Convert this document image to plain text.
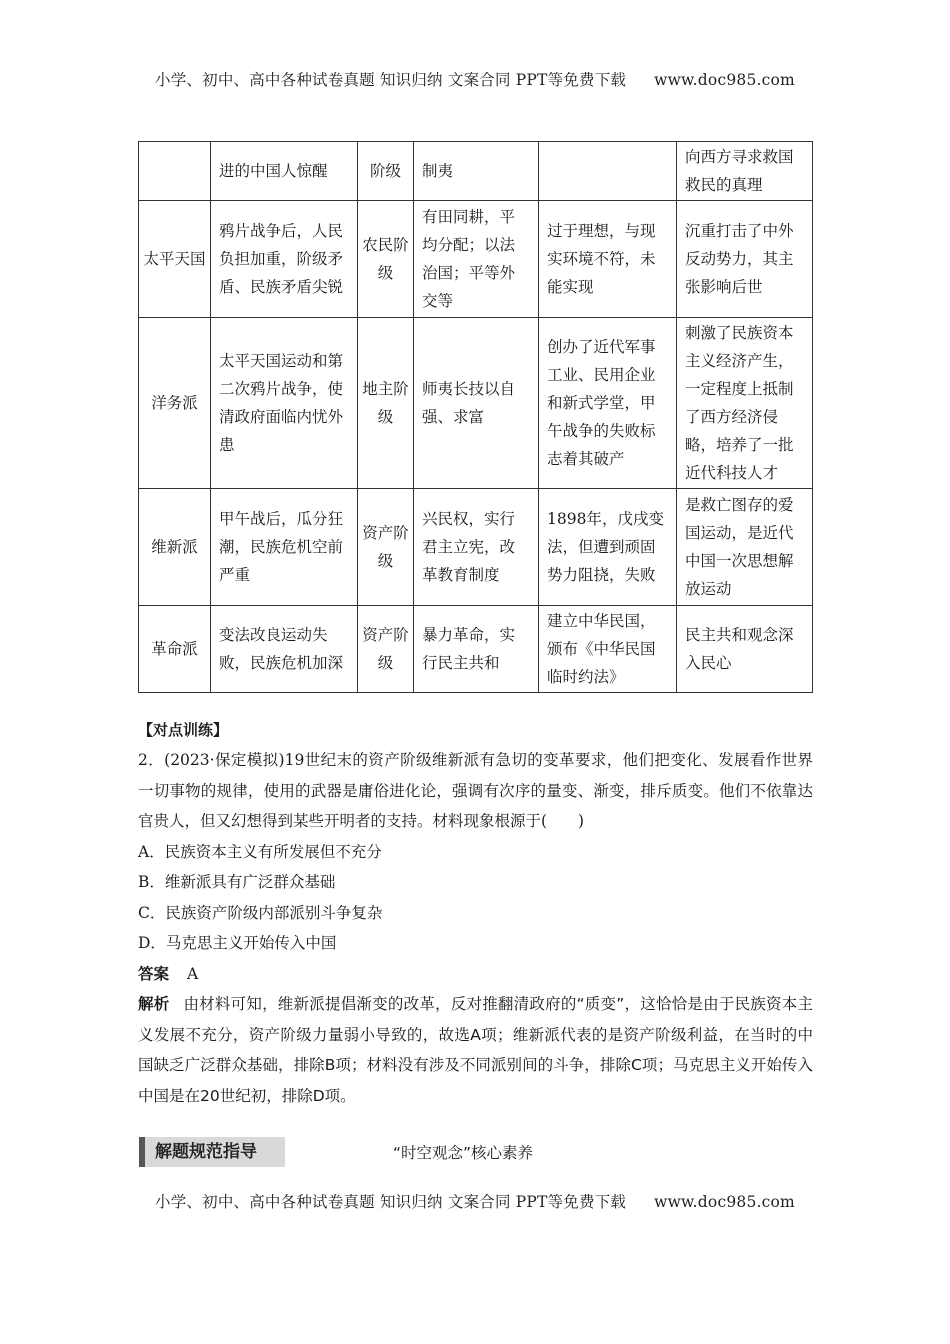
小学、初中、高中各种试卷真题 知识归纳 文案合同 PPT等免费下载 www.doc985.com
	进的中国人惊醒	阶级	制夷		向西方寻求救国救民的真理
太平天国	鸦片战争后，人民负担加重，阶级矛盾、民族矛盾尖锐	农民阶级	有田同耕，平均分配；以法治国；平等外交等	过于理想，与现实环境不符，未能实现	沉重打击了中外反动势力，其主张影响后世
洋务派	太平天国运动和第二次鸦片战争，使清政府面临内忧外患	地主阶级	师夷长技以自强、求富	创办了近代军事工业、民用企业和新式学堂，甲午战争的失败标志着其破产	刺激了民族资本主义经济产生，一定程度上抵制了西方经济侵略，培养了一批近代科技人才
维新派	甲午战后，瓜分狂潮，民族危机空前严重	资产阶级	兴民权，实行君主立宪，改革教育制度	1898年，戊戌变法，但遭到顽固势力阻挠，失败	是救亡图存的爱国运动，是近代中国一次思想解放运动
革命派	变法改良运动失败，民族危机加深	资产阶级	暴力革命，实行民主共和	建立中华民国，颁布《中华民国临时约法》	民主共和观念深入民心
【对点训练】
2．(2023·保定模拟)19世纪末的资产阶级维新派有急切的变革要求，他们把变化、发展看作世界一切事物的规律，使用的武器是庸俗进化论，强调有次序的量变、渐变，排斥质变。他们不依靠达官贵人，但又幻想得到某些开明者的支持。材料现象根源于(　　)
A．民族资本主义有所发展但不充分
B．维新派具有广泛群众基础
C．民族资产阶级内部派别斗争复杂
D．马克思主义开始传入中国
答案 A
解析 由材料可知，维新派提倡渐变的改革，反对推翻清政府的“质变”，这恰恰是由于民族资本主义发展不充分，资产阶级力量弱小导致的，故选A项；维新派代表的是资产阶级利益，在当时的中国缺乏广泛群众基础，排除B项；材料没有涉及不同派别间的斗争，排除C项；马克思主义开始传入中国是在20世纪初，排除D项。
解题规范指导	“时空观念”核心素养
小学、初中、高中各种试卷真题 知识归纳 文案合同 PPT等免费下载 www.doc985.com
